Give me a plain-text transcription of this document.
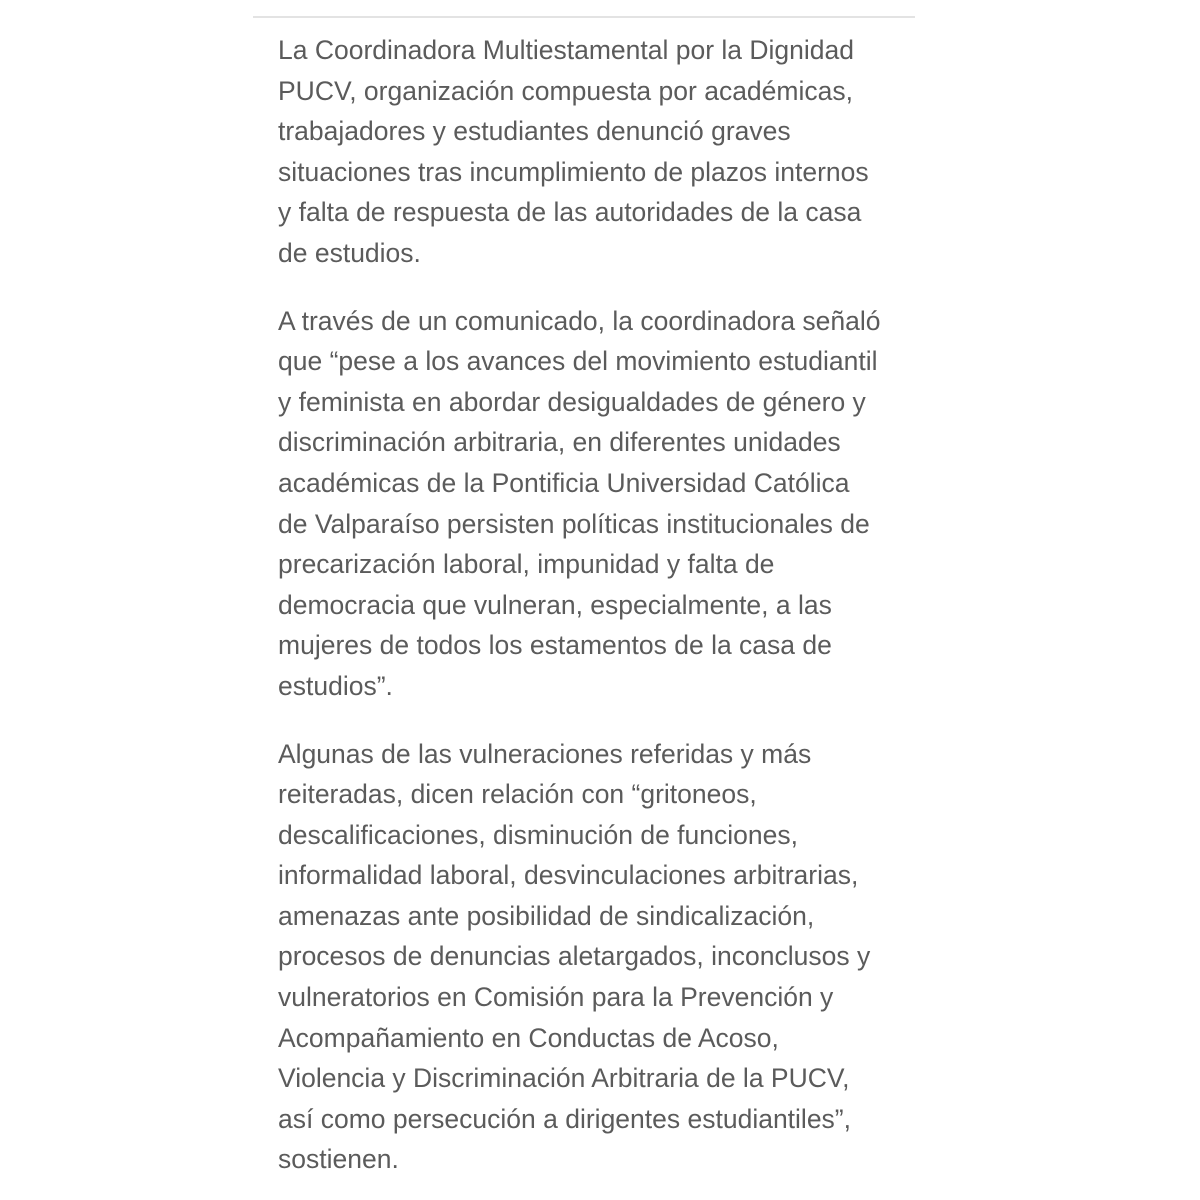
La Coordinadora Multiestamental por la Dignidad
PUCV, organización compuesta por académicas,
trabajadores y estudiantes denunció graves
situaciones tras incumplimiento de plazos internos
y falta de respuesta de las autoridades de la casa
de estudios.

A través de un comunicado, la coordinadora señaló
que “pese a los avances del movimiento estudiantil
y feminista en abordar desigualdades de género y
discriminación arbitraria, en diferentes unidades
académicas de la Pontificia Universidad Católica
de Valparaíso persisten políticas institucionales de
precarización laboral, impunidad y falta de
democracia que vulneran, especialmente, a las
mujeres de todos los estamentos de la casa de
estudios”.

Algunas de las vulneraciones referidas y más
reiteradas, dicen relación con “gritoneos,
descalificaciones, disminución de funciones,
informalidad laboral, desvinculaciones arbitrarias,
amenazas ante posibilidad de sindicalización,
procesos de denuncias aletargados, inconclusos y
vulneratorios en Comisión para la Prevención y
Acompañamiento en Conductas de Acoso,
Violencia y Discriminación Arbitraria de la PUCV,
así como persecución a dirigentes estudiantiles”,
sostienen.
